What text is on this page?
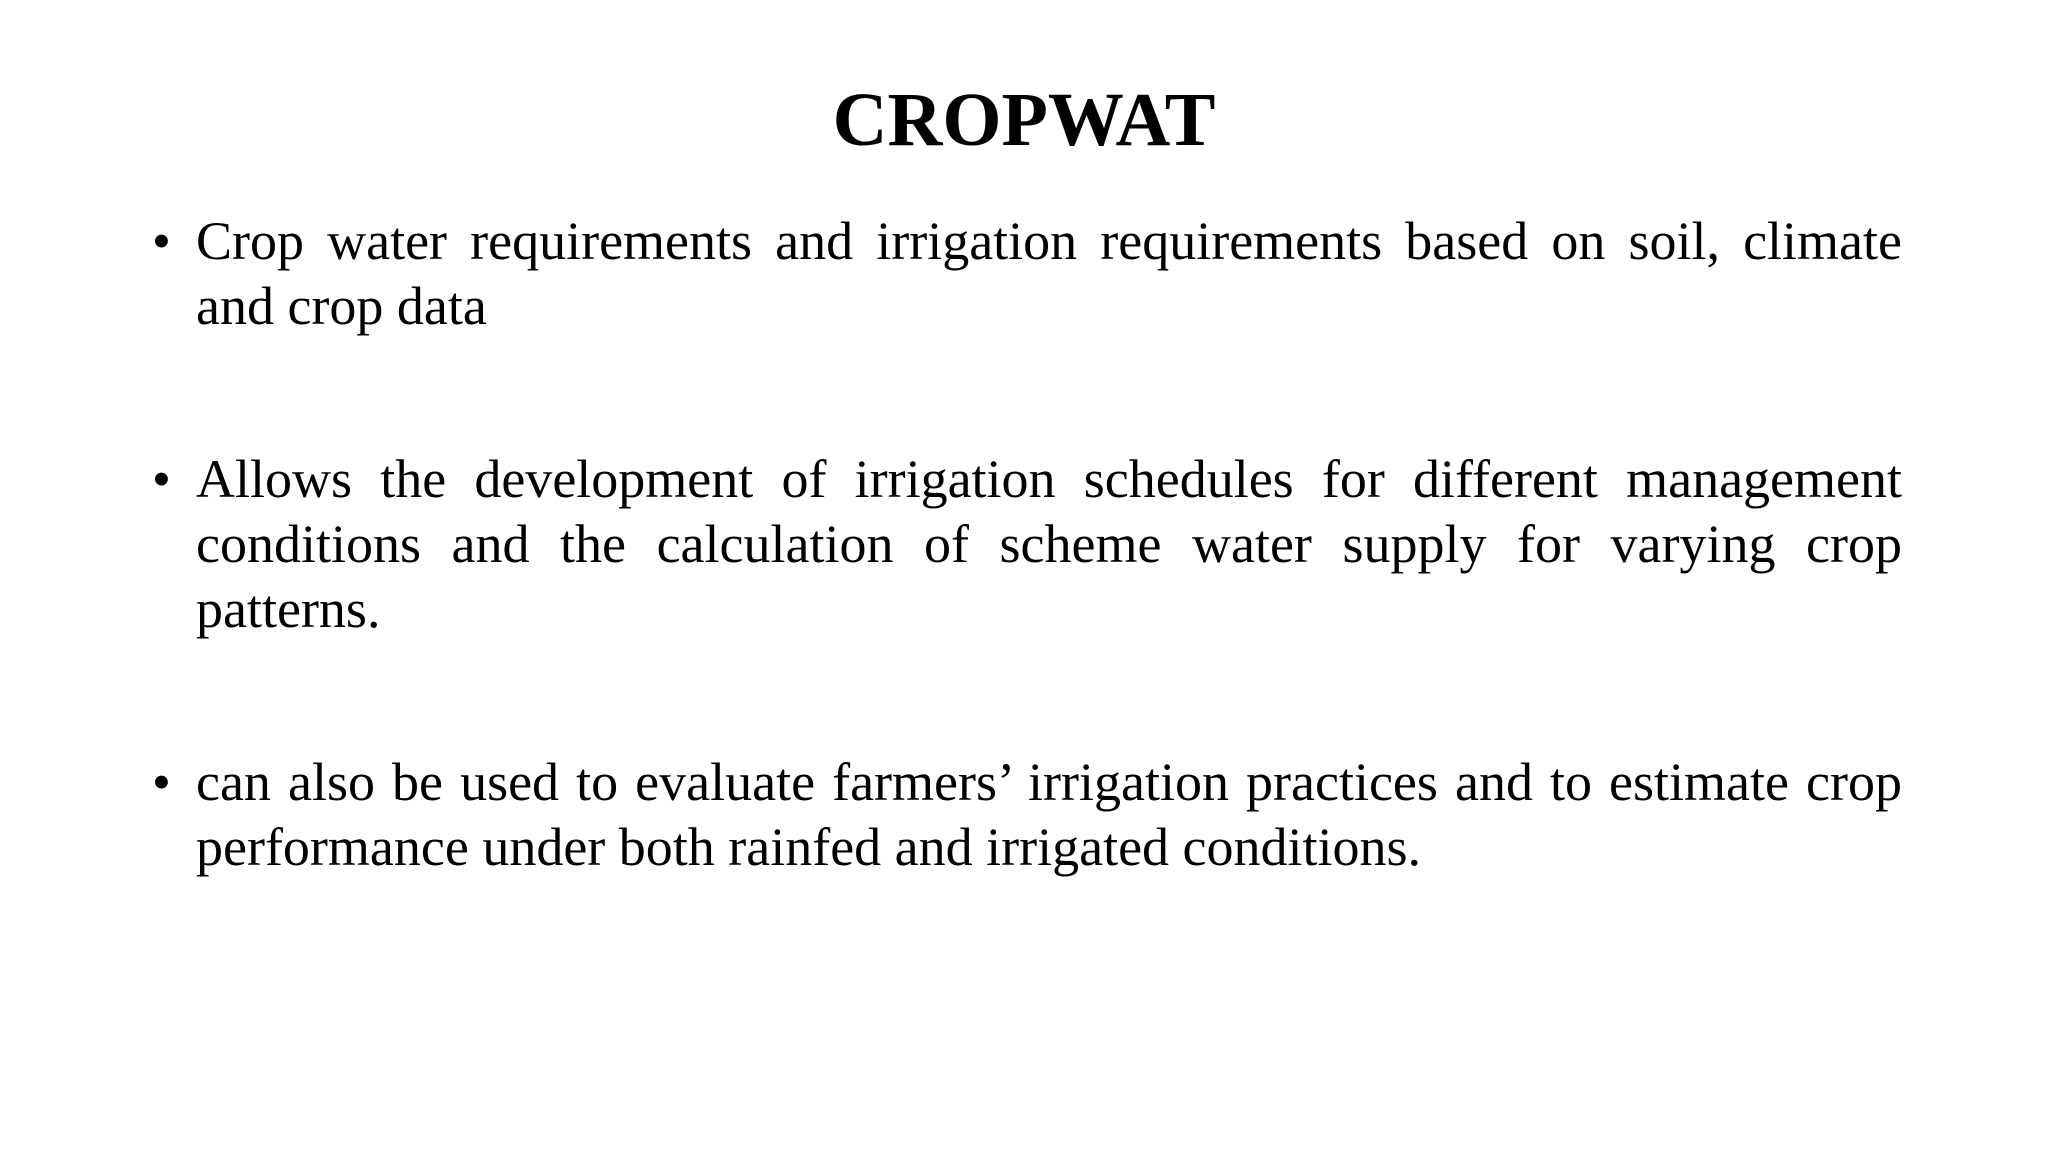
CROPWAT
• Crop water requirements and irrigation requirements based on soil, climate and crop data
• Allows the development of irrigation schedules for different management conditions and the calculation of scheme water supply for varying crop patterns.
• can also be used to evaluate farmers’ irrigation practices and to estimate crop performance under both rainfed and irrigated conditions.
